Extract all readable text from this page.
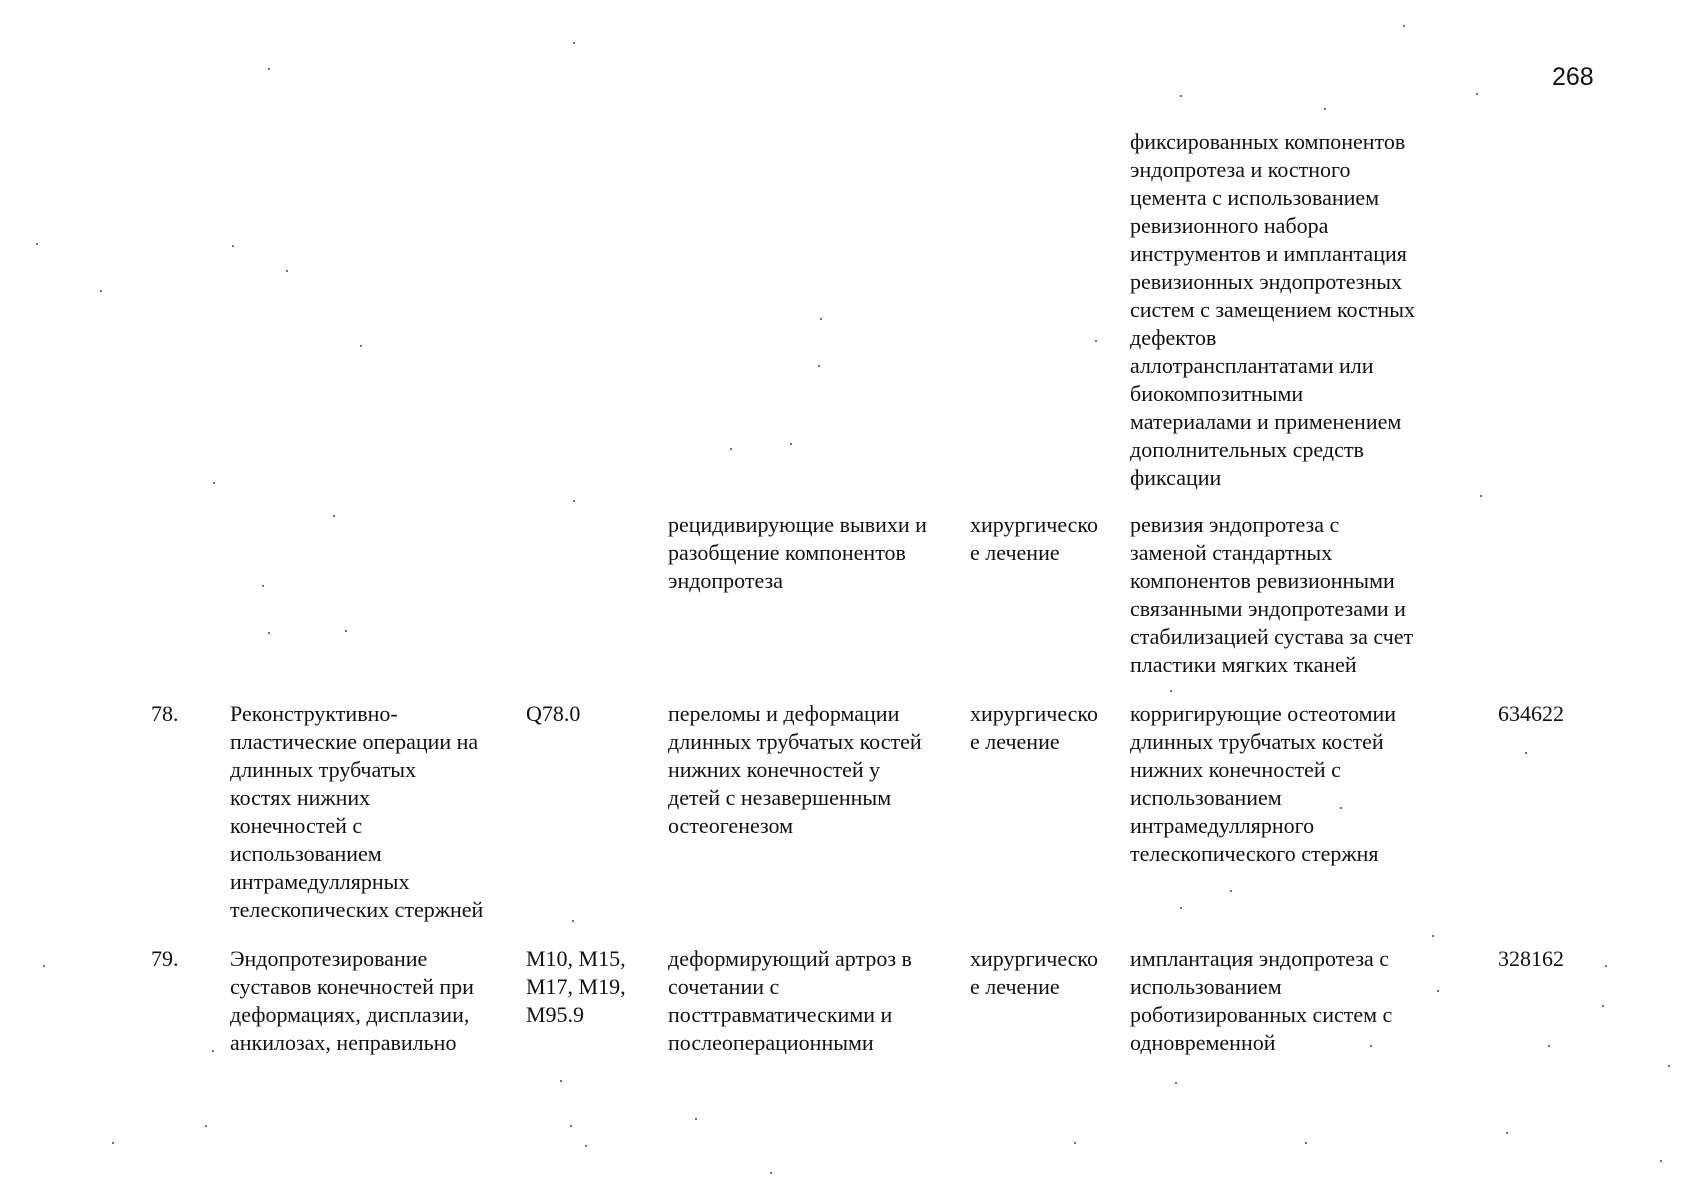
268
фиксированных компонентов
эндопротеза и костного
цемента с использованием
ревизионного набора
инструментов и имплантация
ревизионных эндопротезных
систем с замещением костных
дефектов
аллотрансплантатами или
биокомпозитными
материалами и применением
дополнительных средств
фиксации
рецидивирующие вывихи и
разобщение компонентов
эндопротеза
хирургическо
е лечение
ревизия эндопротеза с
заменой стандартных
компонентов ревизионными
связанными эндопротезами и
стабилизацией сустава за счет
пластики мягких тканей
78. Реконструктивно-
пластические операции на
длинных трубчатых
костях нижних
конечностей с
использованием
интрамедуллярных
телескопических стержней
Q78.0	переломы и деформации
длинных трубчатых костей
нижних конечностей у
детей с незавершенным
остеогенезом
хирургическо
е лечение
корригирующие остеотомии
длинных трубчатых костей
нижних конечностей с
использованием
интрамедуллярного
телескопического стержня
634622
79. Эндопротезирование
суставов конечностей при
деформациях, дисплазии,
анкилозах, неправильно
M10, M15,
M17, M19,
M95.9
деформирующий артроз в
сочетании с
посттравматическими и
послеоперационными
хирургическо
е лечение
имплантация эндопротеза с
использованием
роботизированных систем с
одновременной
328162
